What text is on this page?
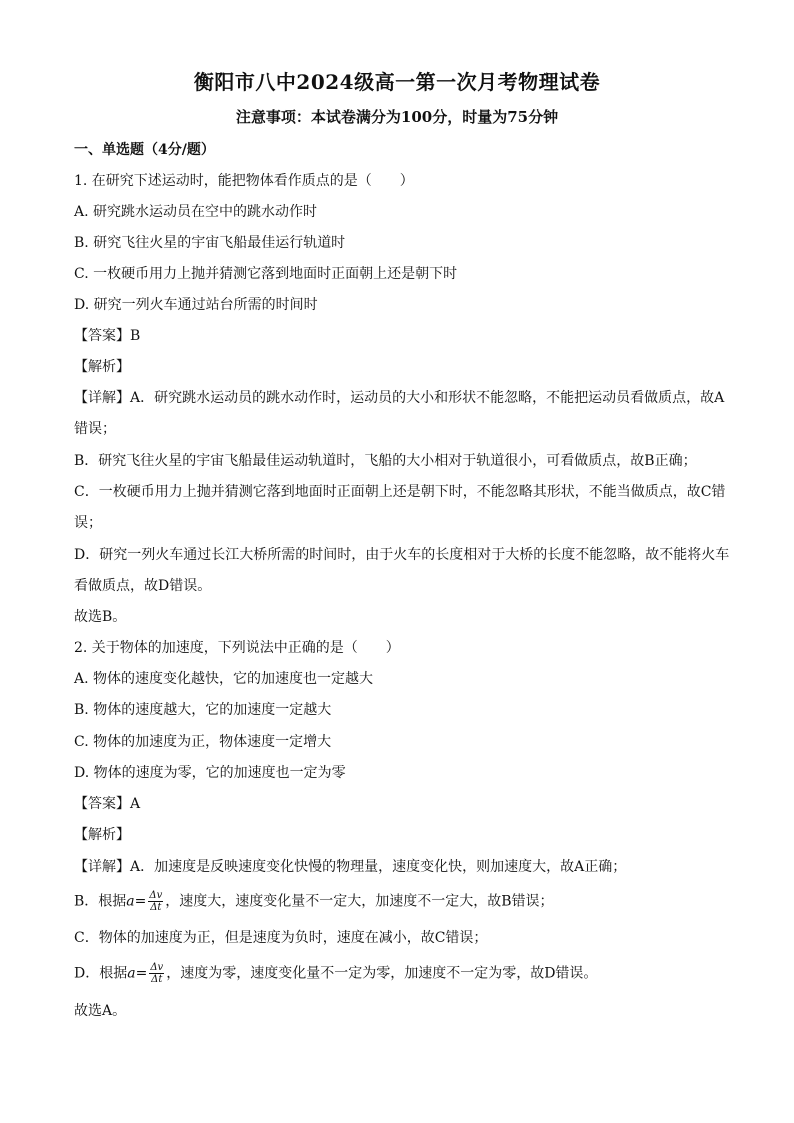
衡阳市八中2024级高一第一次月考物理试卷
注意事项：本试卷满分为100分，时量为75分钟
一、单选题（4分/题）
1. 在研究下述运动时，能把物体看作质点的是（　　）
A. 研究跳水运动员在空中的跳水动作时
B. 研究飞往火星的宇宙飞船最佳运行轨道时
C. 一枚硬币用力上抛并猜测它落到地面时正面朝上还是朝下时
D. 研究一列火车通过站台所需的时间时
【答案】B
【解析】
【详解】A．研究跳水运动员的跳水动作时，运动员的大小和形状不能忽略，不能把运动员看做质点，故A
错误；
B．研究飞往火星的宇宙飞船最佳运动轨道时，飞船的大小相对于轨道很小，可看做质点，故B正确；
C．一枚硬币用力上抛并猜测它落到地面时正面朝上还是朝下时，不能忽略其形状，不能当做质点，故C错
误；
D．研究一列火车通过长江大桥所需的时间时，由于火车的长度相对于大桥的长度不能忽略，故不能将火车
看做质点，故D错误。
故选B。
2. 关于物体的加速度，下列说法中正确的是（　　）
A. 物体的速度变化越快，它的加速度也一定越大
B. 物体的速度越大，它的加速度一定越大
C. 物体的加速度为正，物体速度一定增大
D. 物体的速度为零，它的加速度也一定为零
【答案】A
【解析】
【详解】A．加速度是反映速度变化快慢的物理量，速度变化快，则加速度大，故A正确；
B．根据$a= \frac{\Delta v}{\Delta t}$ ，速度大，速度变化量不一定大，加速度不一定大，故B错误；
C．物体的加速度为正，但是速度为负时，速度在减小，故C错误；
D．根据$a= \frac{\Delta v}{\Delta t}$ ，速度为零，速度变化量不一定为零，加速度不一定为零，故D错误。
故选A。
